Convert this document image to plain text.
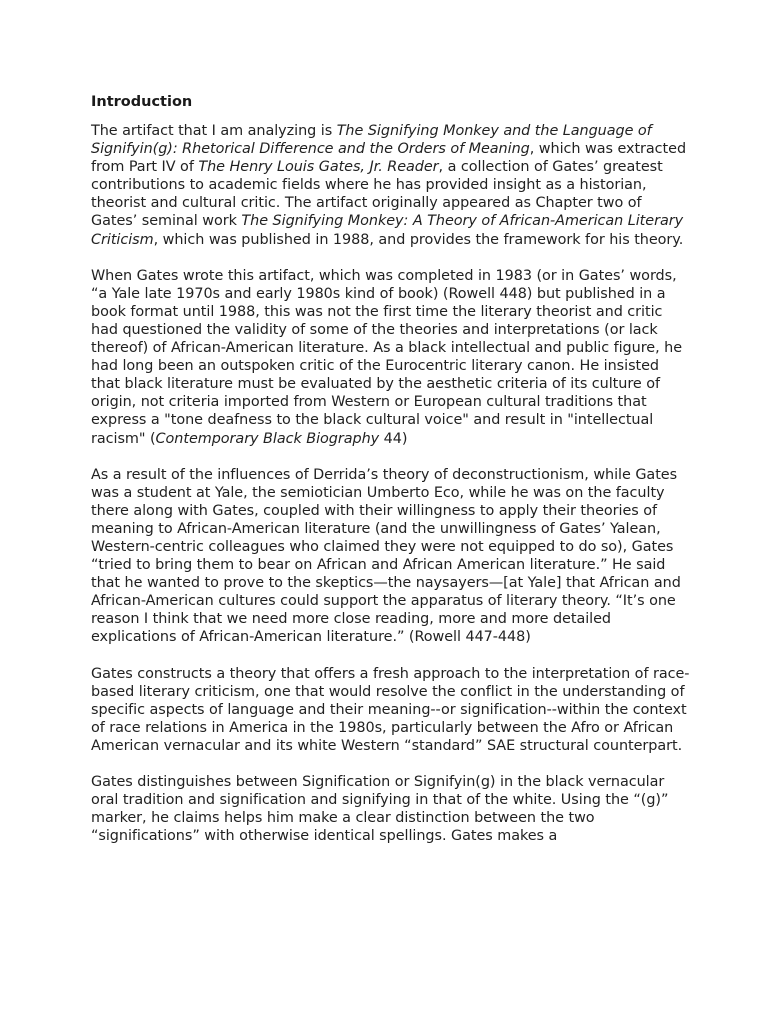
Introduction

The artifact that I am analyzing is The Signifying Monkey and the Language of Signifyin(g): Rhetorical Difference and the Orders of Meaning, which was extracted from Part IV of The Henry Louis Gates, Jr. Reader, a collection of Gates’ greatest contributions to academic fields where he has provided insight as a historian, theorist and cultural critic. The artifact originally appeared as Chapter two of Gates’ seminal work The Signifying Monkey: A Theory of African-American Literary Criticism, which was published in 1988, and provides the framework for his theory.

When Gates wrote this artifact, which was completed in 1983 (or in Gates’ words, “a Yale late 1970s and early 1980s kind of book) (Rowell 448) but published in a book format until 1988, this was not the first time the literary theorist and critic had questioned the validity of some of the theories and interpretations (or lack thereof) of African-American literature. As a black intellectual and public figure, he had long been an outspoken critic of the Eurocentric literary canon. He insisted that black literature must be evaluated by the aesthetic criteria of its culture of origin, not criteria imported from Western or European cultural traditions that express a "tone deafness to the black cultural voice" and result in "intellectual racism" (Contemporary Black Biography 44)

As a result of the influences of Derrida’s theory of deconstructionism, while Gates was a student at Yale, the semiotician Umberto Eco, while he was on the faculty there along with Gates, coupled with their willingness to apply their theories of meaning to African-American literature (and the unwillingness of Gates’ Yalean, Western-centric colleagues who claimed they were not equipped to do so), Gates “tried to bring them to bear on African and African American literature.” He said that he wanted to prove to the skeptics—the naysayers—[at Yale] that African and African-American cultures could support the apparatus of literary theory. “It’s one reason I think that we need more close reading, more and more detailed explications of African-American literature.” (Rowell 447-448)

Gates constructs a theory that offers a fresh approach to the interpretation of race-based literary criticism, one that would resolve the conflict in the understanding of specific aspects of language and their meaning--or signification--within the context of race relations in America in the 1980s, particularly between the Afro or African American vernacular and its white Western “standard” SAE structural counterpart.

Gates distinguishes between Signification or Signifyin(g) in the black vernacular oral tradition and signification and signifying in that of the white. Using the “(g)” marker, he claims helps him make a clear distinction between the two “significations” with otherwise identical spellings. Gates makes a
